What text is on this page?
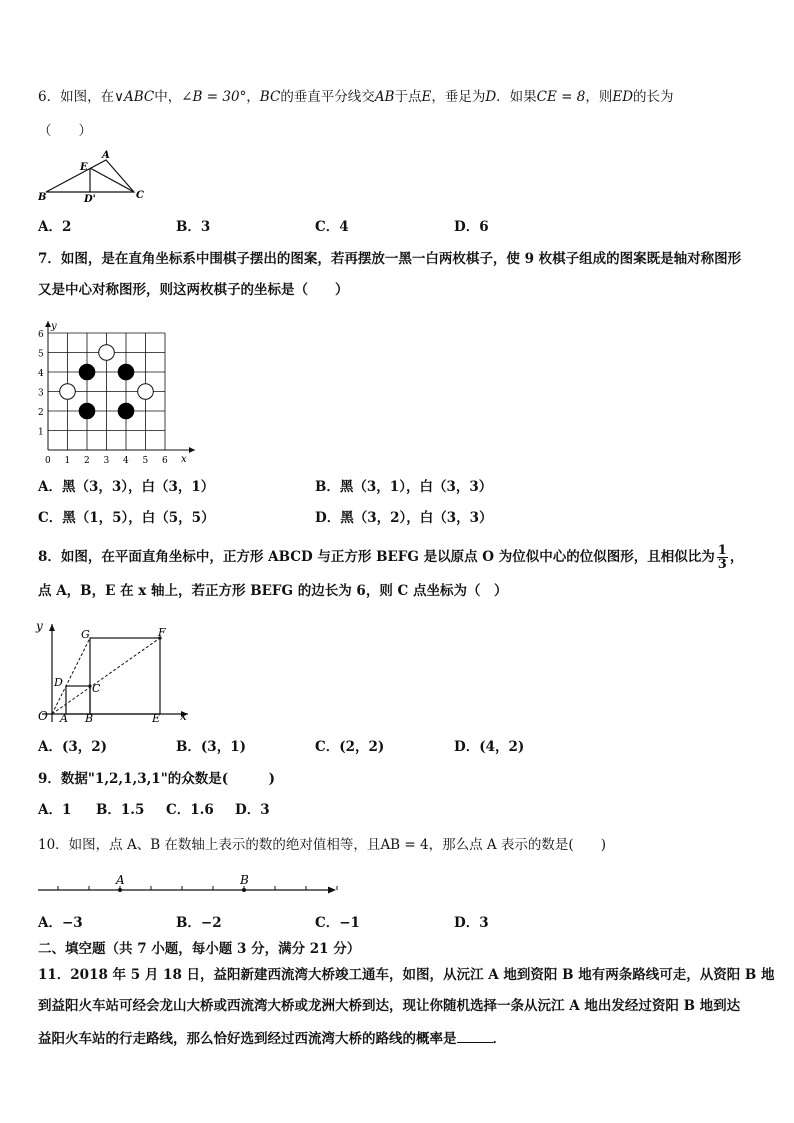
6．如图，在∨ABC中，∠B = 30°，BC的垂直平分线交AB于点E，垂足为D．如果CE = 8，则ED的长为
（　　）
A
E
B	D'	C
A．2	B．3	C．4	D．6
7．如图，是在直角坐标系中围棋子摆出的图案，若再摆放一黑一白两枚棋子，使 9 枚棋子组成的图案既是轴对称图形
又是中心对称图形，则这两枚棋子的坐标是（　　）
0 1 2 3 4 5 6
1
2
3
4
5
6
y
x
A．黑（3，3），白（3，1）	B．黑（3，1），白（3，3）
C．黑（1，5），白（5，5）	D．黑（3，2），白（3，3）
8．如图，在平面直角坐标中，正方形 ABCD 与正方形 BEFG 是以原点 O 为位似中心的位似图形，且相似比为 $\frac{1}{3}$ ，
点 A，B，E 在 x 轴上，若正方形 BEFG 的边长为 6，则 C 点坐标为（　）
y
x
O A B	E
G	F
D	C
A．(3，2)	B．(3，1)	C．(2，2)	D．(4，2)
9．数据"1,2,1,3,1"的众数是(　　　)
A．1 B．1.5 C．1.6 D．3
10．如图，点 A、B 在数轴上表示的数的绝对值相等，且AB = 4，那么点 A 表示的数是(　　)
A	B
A．−3	B．−2	C．−1	D．3
二、填空题（共 7 小题，每小题 3 分，满分 21 分）
11．2018 年 5 月 18 日，益阳新建西流湾大桥竣工通车，如图，从沅江 A 地到资阳 B 地有两条路线可走，从资阳 B 地
到益阳火车站可经会龙山大桥或西流湾大桥或龙洲大桥到达，现让你随机选择一条从沅江 A 地出发经过资阳 B 地到达
益阳火车站的行走路线，那么恰好选到经过西流湾大桥的路线的概率是	．
